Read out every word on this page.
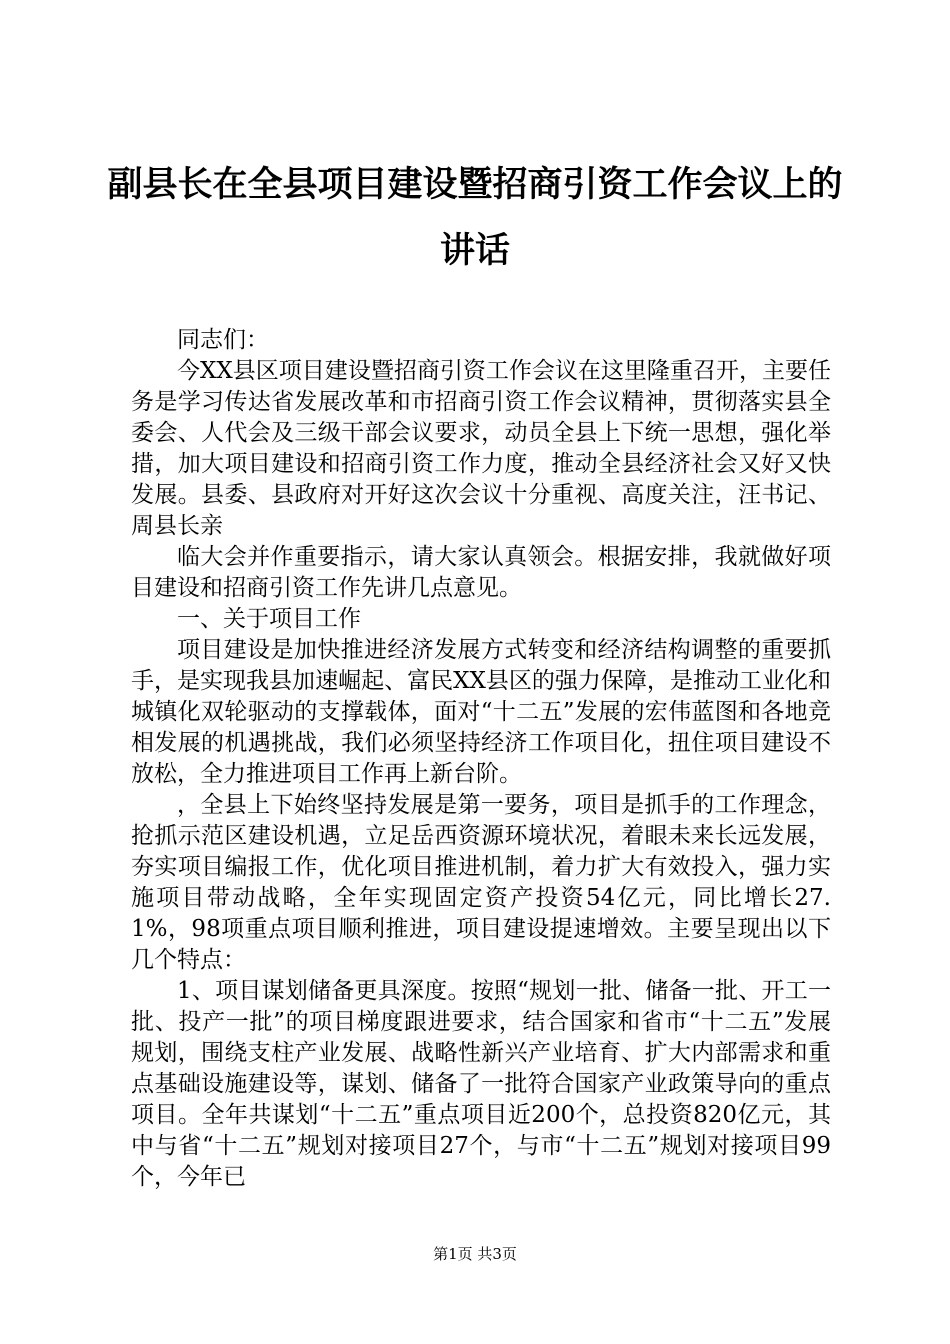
副县长在全县项目建设暨招商引资工作会议上的讲话

同志们：

今XX县区项目建设暨招商引资工作会议在这里隆重召开，主要任务是学习传达省发展改革和市招商引资工作会议精神，贯彻落实县全委会、人代会及三级干部会议要求，动员全县上下统一思想，强化举措，加大项目建设和招商引资工作力度，推动全县经济社会又好又快发展。县委、县政府对开好这次会议十分重视、高度关注，汪书记、周县长亲

临大会并作重要指示，请大家认真领会。根据安排，我就做好项目建设和招商引资工作先讲几点意见。

一、关于项目工作

项目建设是加快推进经济发展方式转变和经济结构调整的重要抓手，是实现我县加速崛起、富民XX县区的强力保障，是推动工业化和城镇化双轮驱动的支撑载体，面对“十二五”发展的宏伟蓝图和各地竞相发展的机遇挑战，我们必须坚持经济工作项目化，扭住项目建设不放松，全力推进项目工作再上新台阶。

，全县上下始终坚持发展是第一要务，项目是抓手的工作理念，抢抓示范区建设机遇，立足岳西资源环境状况，着眼未来长远发展，夯实项目编报工作，优化项目推进机制，着力扩大有效投入，强力实施项目带动战略，全年实现固定资产投资54亿元，同比增长27.1%，98项重点项目顺利推进，项目建设提速增效。主要呈现出以下几个特点：

1、项目谋划储备更具深度。按照“规划一批、储备一批、开工一批、投产一批”的项目梯度跟进要求，结合国家和省市“十二五”发展规划，围绕支柱产业发展、战略性新兴产业培育、扩大内部需求和重点基础设施建设等，谋划、储备了一批符合国家产业政策导向的重点项目。全年共谋划“十二五”重点项目近200个，总投资820亿元，其中与省“十二五”规划对接项目27个，与市“十二五”规划对接项目99个，今年已

第1页 共3页
